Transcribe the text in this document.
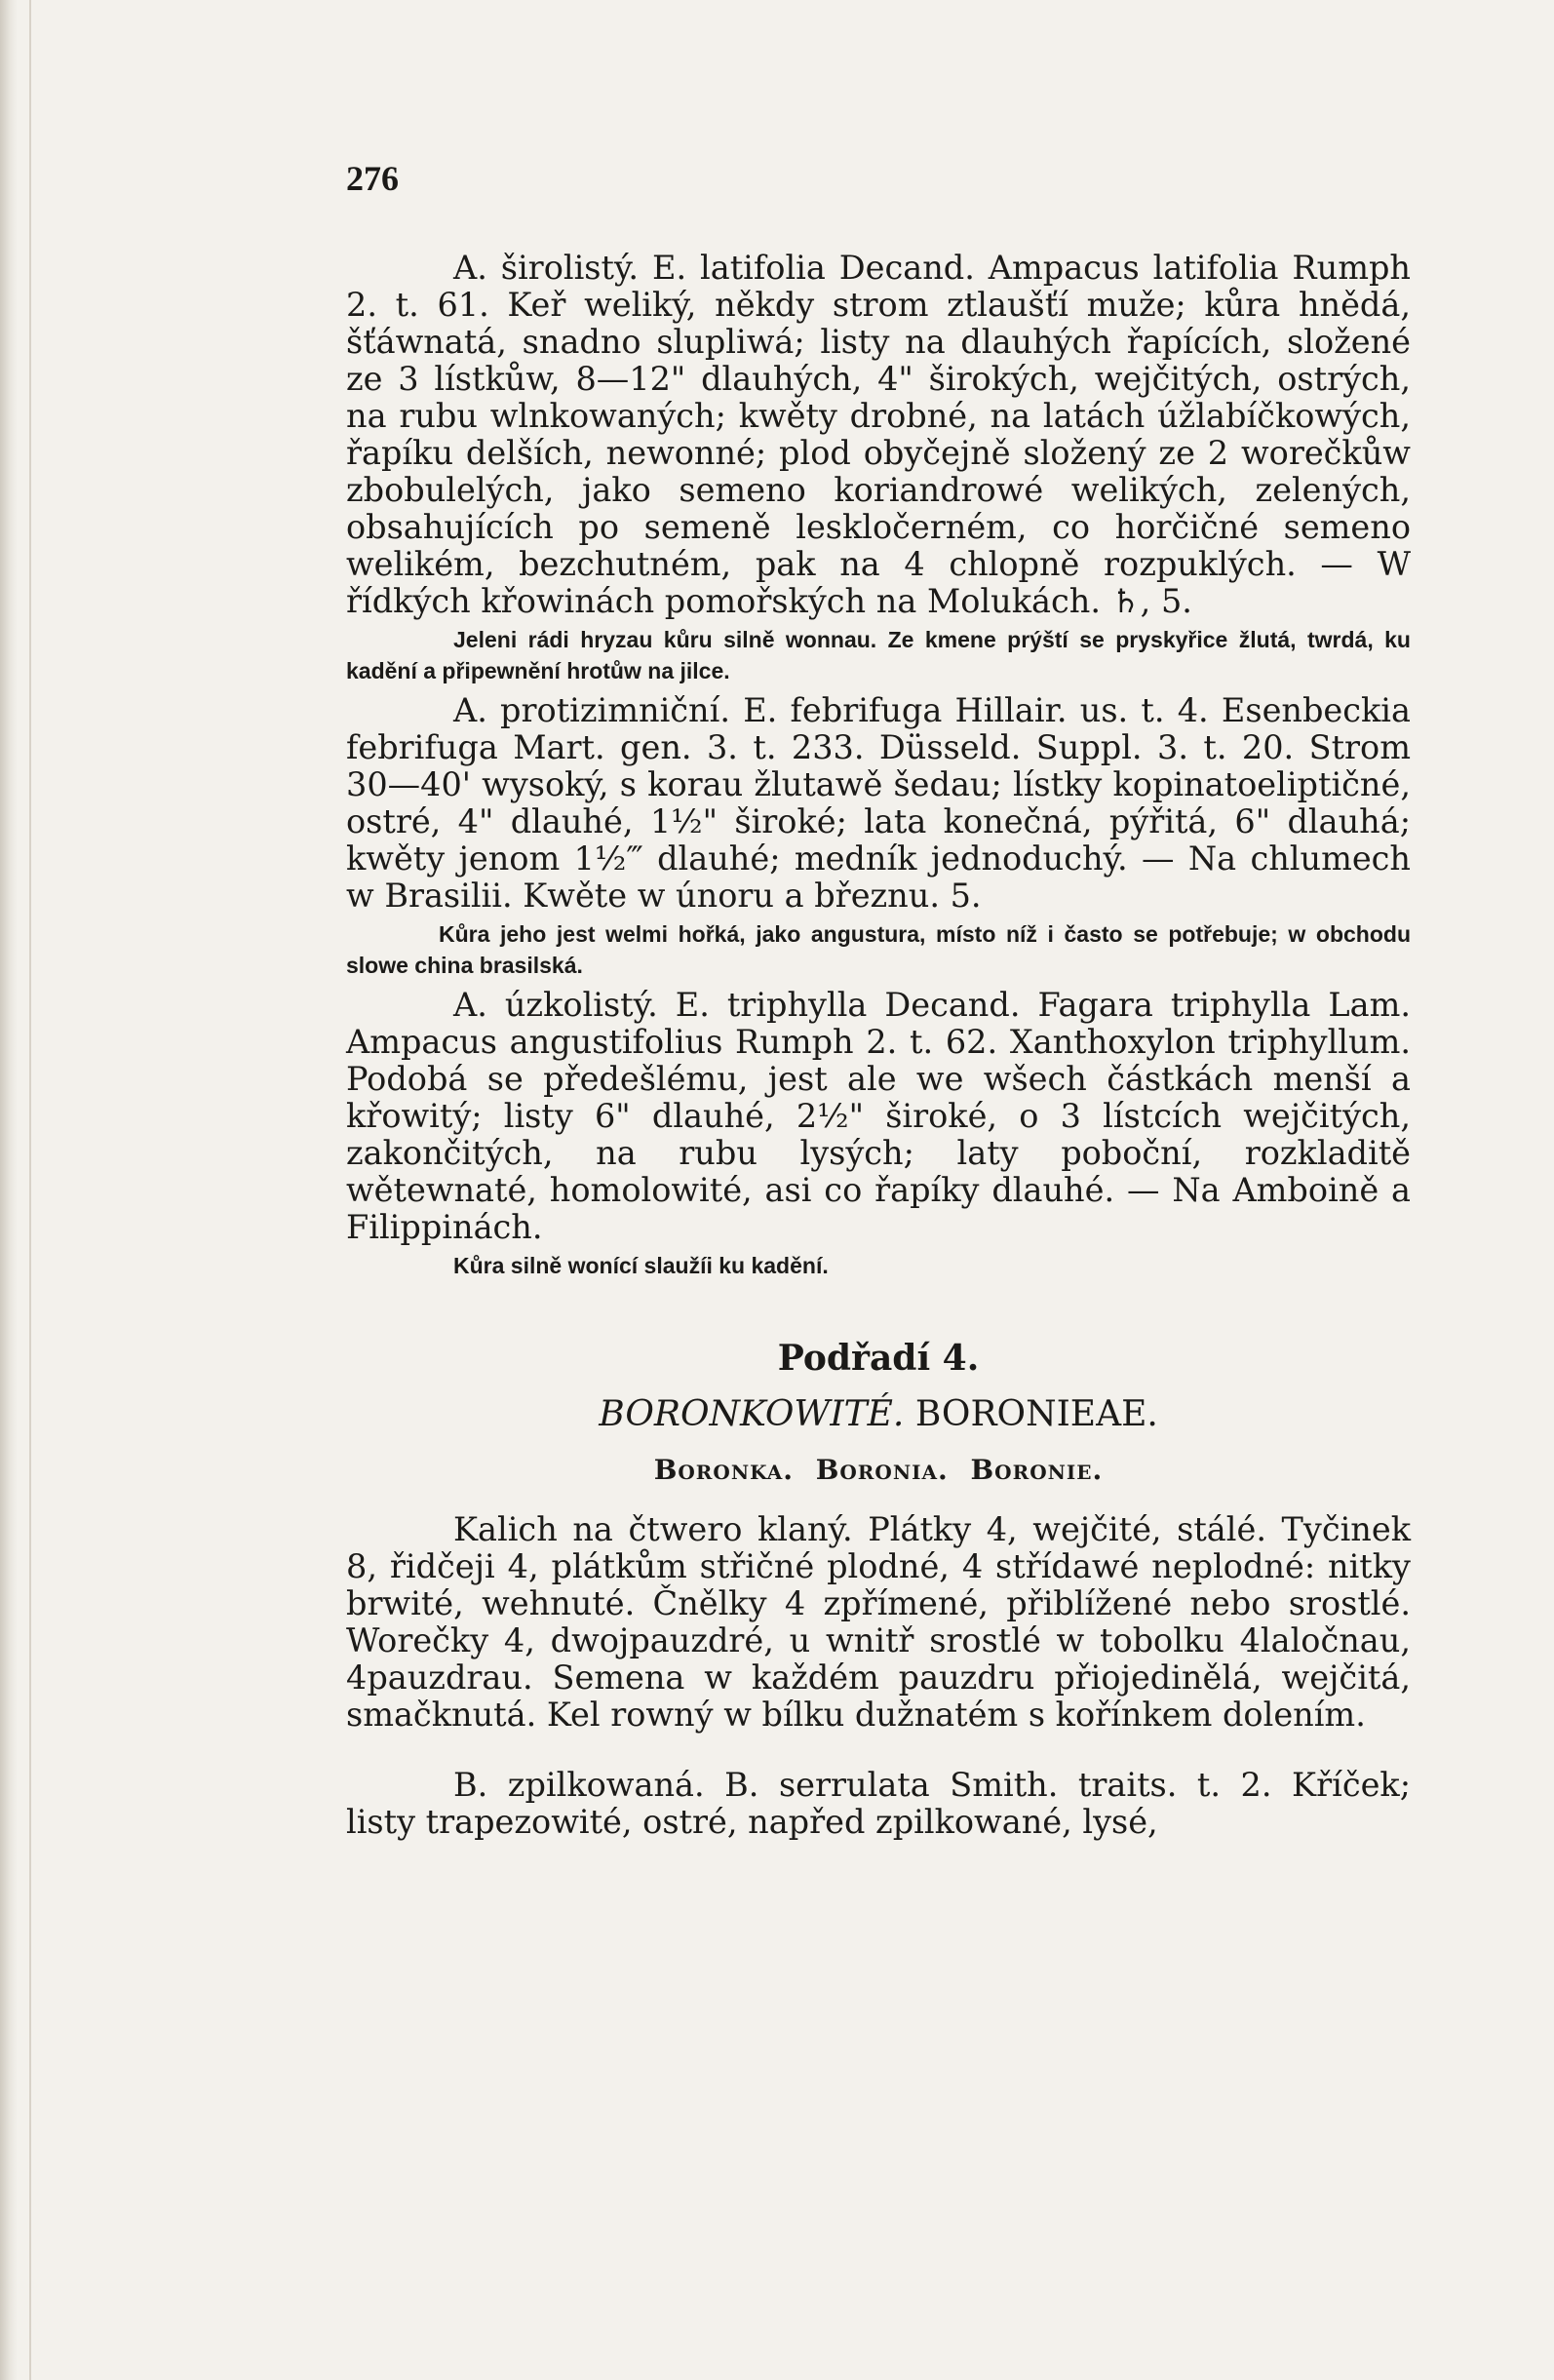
276

A. širolistý. E. latifolia Decand. Ampacus latifolia Rumph 2. t. 61. Keř weliký, někdy strom ztlaušťí muže; kůra hnědá, šťáwnatá, snadno slupliwá; listy na dlauhých řapících, složené ze 3 lístkůw, 8—12" dlauhých, 4" širokých, wejčitých, ostrých, na rubu wlnkowaných; kwěty drobné, na latách úžlabíčkowých, řapíku delších, newonné; plod obyčejně složený ze 2 worečkůw zbobulelých, jako semeno koriandrowé welikých, zelených, obsahujících po semeně leskločerném, co horčičné semeno welikém, bezchutném, pak na 4 chlopně rozpuklých. — W řídkých křowinách pomořských na Molukách. ♄, 5.

Jeleni rádi hryzau kůru silně wonnau. Ze kmene prýští se pryskyřice žlutá, twrdá, ku kadění a připewnění hrotůw na jilce.

A. protizimniční. E. febrifuga Hillair. us. t. 4. Esenbeckia febrifuga Mart. gen. 3. t. 233. Düsseld. Suppl. 3. t. 20. Strom 30—40' wysoký, s korau žlutawě šedau; lístky kopinatoeliptičné, ostré, 4" dlauhé, 1½" široké; lata konečná, pýřitá, 6" dlauhá; kwěty jenom 1½‴ dlauhé; medník jednoduchý. — Na chlumech w Brasilii. Kwěte w únoru a březnu. 5.

Kůra jeho jest welmi hořká, jako angustura, místo níž i často se potřebuje; w obchodu slowe china brasilská.

A. úzkolistý. E. triphylla Decand. Fagara triphylla Lam. Ampacus angustifolius Rumph 2. t. 62. Xanthoxylon triphyllum. Podobá se předešlému, jest ale we wšech částkách menší a křowitý; listy 6" dlauhé, 2½" široké, o 3 lístcích wejčitých, zakončitých, na rubu lysých; laty poboční, rozkladitě wětewnaté, homolowité, asi co řapíky dlauhé. — Na Amboině a Filippinách.

Kůra silně wonící slaužíi ku kadění.

Podřadí 4.

BORONKOWITÉ. BORONIEAE.

Boronka. Boronia. Boronie.

Kalich na čtwero klaný. Plátky 4, wejčité, stálé. Tyčinek 8, řidčeji 4, plátkům střičné plodné, 4 střídawé neplodné: nitky brwité, wehnuté. Čnělky 4 zpřímené, přiblížené nebo srostlé. Worečky 4, dwojpauzdré, u wnitř srostlé w tobolku 4laločnau, 4pauzdrau. Semena w každém pauzdru přiojedinělá, wejčitá, smačknutá. Kel rowný w bílku dužnatém s kořínkem dolením.

B. zpilkowaná. B. serrulata Smith. traits. t. 2. Kříček; listy trapezowité, ostré, napřed zpilkowané, lysé,
